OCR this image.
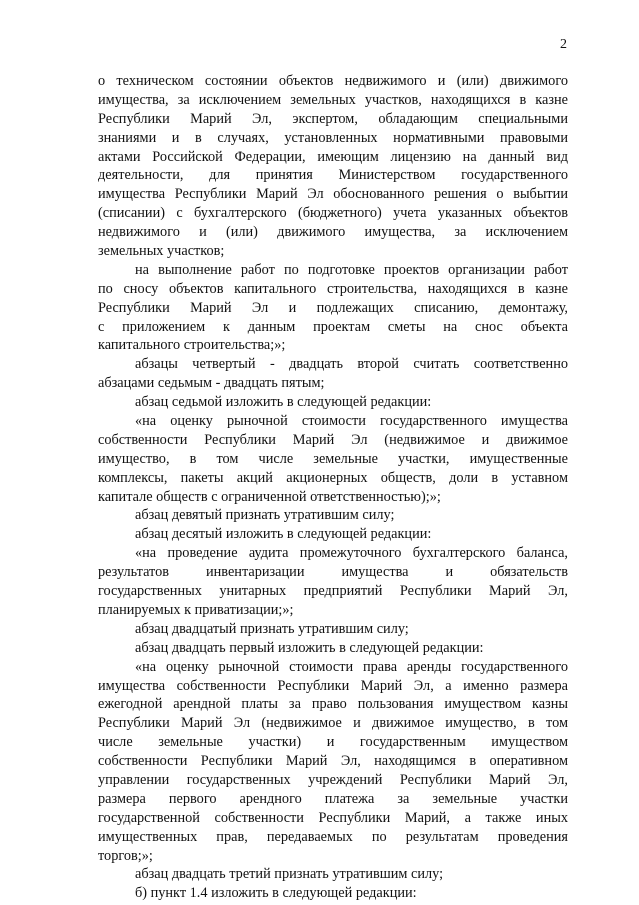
2
о техническом состоянии объектов недвижимого и (или) движимого
имущества, за исключением земельных участков, находящихся в казне
Республики Марий Эл, экспертом, обладающим специальными
знаниями и в случаях, установленных нормативными правовыми
актами Российской Федерации, имеющим лицензию на данный вид
деятельности, для принятия Министерством государственного
имущества Республики Марий Эл обоснованного решения о выбытии
(списании) с бухгалтерского (бюджетного) учета указанных объектов
недвижимого и (или) движимого имущества, за исключением
земельных участков;
на выполнение работ по подготовке проектов организации работ
по сносу объектов капитального строительства, находящихся в казне
Республики Марий Эл и подлежащих списанию, демонтажу,
с приложением к данным проектам сметы на снос объекта
капитального строительства;»;
абзацы четвертый - двадцать второй считать соответственно
абзацами седьмым - двадцать пятым;
абзац седьмой изложить в следующей редакции:
«на оценку рыночной стоимости государственного имущества
собственности Республики Марий Эл (недвижимое и движимое
имущество, в том числе земельные участки, имущественные
комплексы, пакеты акций акционерных обществ, доли в уставном
капитале обществ с ограниченной ответственностью);»;
абзац девятый признать утратившим силу;
абзац десятый изложить в следующей редакции:
«на проведение аудита промежуточного бухгалтерского баланса,
результатов инвентаризации имущества и обязательств
государственных унитарных предприятий Республики Марий Эл,
планируемых к приватизации;»;
абзац двадцатый признать утратившим силу;
абзац двадцать первый изложить в следующей редакции:
«на оценку рыночной стоимости права аренды государственного
имущества собственности Республики Марий Эл, а именно размера
ежегодной арендной платы за право пользования имуществом казны
Республики Марий Эл (недвижимое и движимое имущество, в том
числе земельные участки) и государственным имуществом
собственности Республики Марий Эл, находящимся в оперативном
управлении государственных учреждений Республики Марий Эл,
размера первого арендного платежа за земельные участки
государственной собственности Республики Марий, а также иных
имущественных прав, передаваемых по результатам проведения
торгов;»;
абзац двадцать третий признать утратившим силу;
б) пункт 1.4 изложить в следующей редакции:
